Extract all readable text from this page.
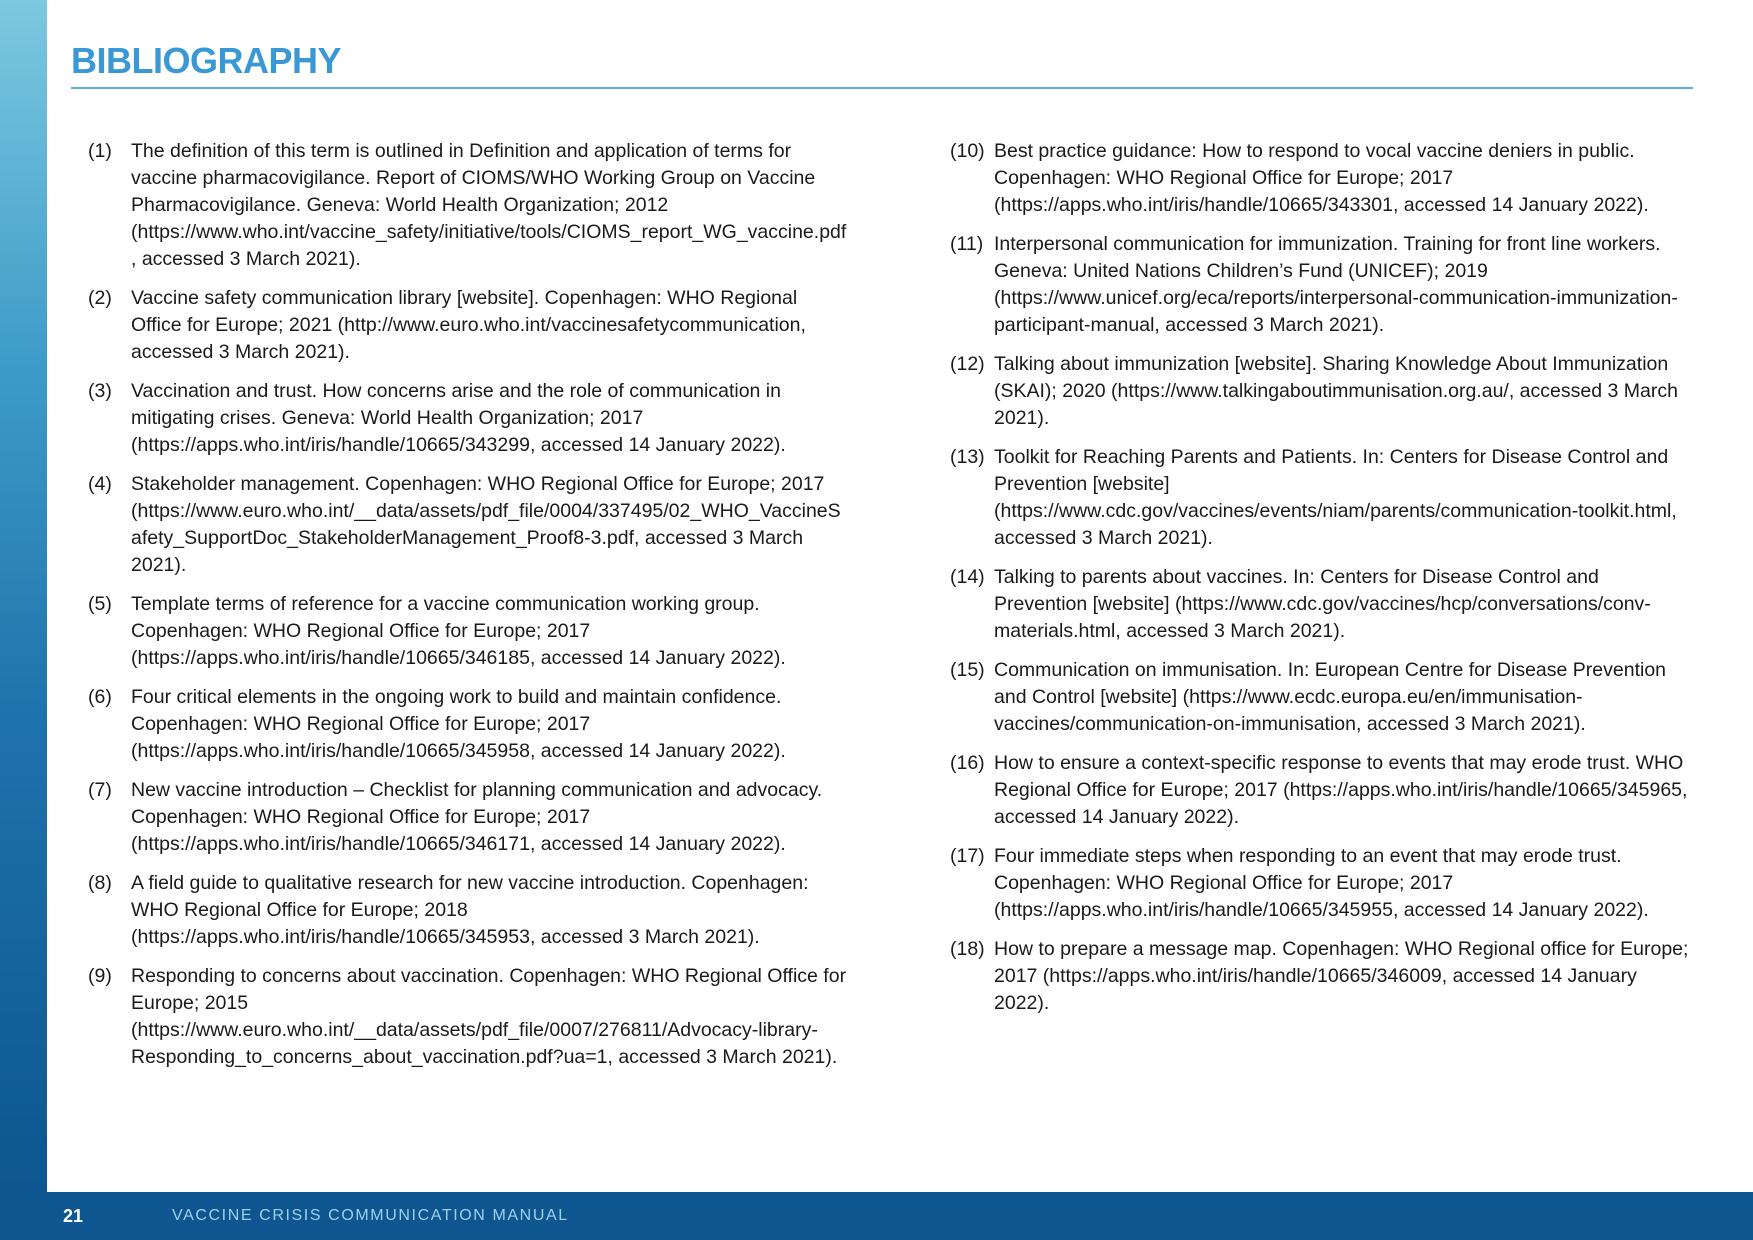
BIBLIOGRAPHY
(1) The definition of this term is outlined in Definition and application of terms for vaccine pharmacovigilance. Report of CIOMS/WHO Working Group on Vaccine Pharmacovigilance. Geneva: World Health Organization; 2012 (https://www.who.int/vaccine_safety/initiative/tools/CIOMS_report_WG_vaccine.pdf, accessed 3 March 2021).
(2) Vaccine safety communication library [website]. Copenhagen: WHO Regional Office for Europe; 2021 (http://www.euro.who.int/vaccinesafetycommunication, accessed 3 March 2021).
(3) Vaccination and trust. How concerns arise and the role of communication in mitigating crises. Geneva: World Health Organization; 2017 (https://apps.who.int/iris/handle/10665/343299, accessed 14 January 2022).
(4) Stakeholder management. Copenhagen: WHO Regional Office for Europe; 2017 (https://www.euro.who.int/__data/assets/pdf_file/0004/337495/02_WHO_VaccineSafety_SupportDoc_StakeholderManagement_Proof8-3.pdf, accessed 3 March 2021).
(5) Template terms of reference for a vaccine communication working group. Copenhagen: WHO Regional Office for Europe; 2017 (https://apps.who.int/iris/handle/10665/346185, accessed 14 January 2022).
(6) Four critical elements in the ongoing work to build and maintain confidence. Copenhagen: WHO Regional Office for Europe; 2017 (https://apps.who.int/iris/handle/10665/345958, accessed 14 January 2022).
(7) New vaccine introduction – Checklist for planning communication and advocacy. Copenhagen: WHO Regional Office for Europe; 2017 (https://apps.who.int/iris/handle/10665/346171, accessed 14 January 2022).
(8) A field guide to qualitative research for new vaccine introduction. Copenhagen: WHO Regional Office for Europe; 2018 (https://apps.who.int/iris/handle/10665/345953, accessed 3 March 2021).
(9) Responding to concerns about vaccination. Copenhagen: WHO Regional Office for Europe; 2015 (https://www.euro.who.int/__data/assets/pdf_file/0007/276811/Advocacy-library-Responding_to_concerns_about_vaccination.pdf?ua=1, accessed 3 March 2021).
(10) Best practice guidance: How to respond to vocal vaccine deniers in public. Copenhagen: WHO Regional Office for Europe; 2017 (https://apps.who.int/iris/handle/10665/343301, accessed 14 January 2022).
(11) Interpersonal communication for immunization. Training for front line workers. Geneva: United Nations Children’s Fund (UNICEF); 2019 (https://www.unicef.org/eca/reports/interpersonal-communication-immunization-participant-manual, accessed 3 March 2021).
(12) Talking about immunization [website]. Sharing Knowledge About Immunization (SKAI); 2020 (https://www.talkingaboutimmunisation.org.au/, accessed 3 March 2021).
(13) Toolkit for Reaching Parents and Patients. In: Centers for Disease Control and Prevention [website] (https://www.cdc.gov/vaccines/events/niam/parents/communication-toolkit.html, accessed 3 March 2021).
(14) Talking to parents about vaccines. In: Centers for Disease Control and Prevention [website] (https://www.cdc.gov/vaccines/hcp/conversations/conv-materials.html, accessed 3 March 2021).
(15) Communication on immunisation. In: European Centre for Disease Prevention and Control [website] (https://www.ecdc.europa.eu/en/immunisation-vaccines/communication-on-immunisation, accessed 3 March 2021).
(16) How to ensure a context-specific response to events that may erode trust. WHO Regional Office for Europe; 2017 (https://apps.who.int/iris/handle/10665/345965, accessed 14 January 2022).
(17) Four immediate steps when responding to an event that may erode trust. Copenhagen: WHO Regional Office for Europe; 2017 (https://apps.who.int/iris/handle/10665/345955, accessed 14 January 2022).
(18) How to prepare a message map. Copenhagen: WHO Regional office for Europe; 2017 (https://apps.who.int/iris/handle/10665/346009, accessed 14 January 2022).
21	VACCINE CRISIS COMMUNICATION MANUAL
